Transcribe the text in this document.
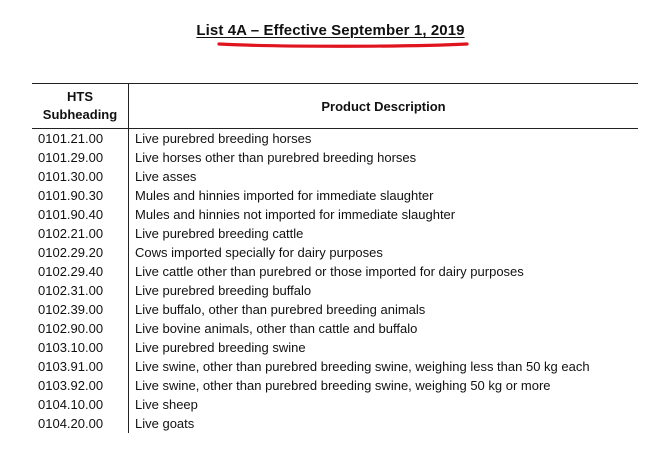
List 4A – Effective September 1, 2019
HTS
Subheading	Product Description
0101.21.00	Live purebred breeding horses
0101.29.00	Live horses other than purebred breeding horses
0101.30.00	Live asses
0101.90.30	Mules and hinnies imported for immediate slaughter
0101.90.40	Mules and hinnies not imported for immediate slaughter
0102.21.00	Live purebred breeding cattle
0102.29.20	Cows imported specially for dairy purposes
0102.29.40	Live cattle other than purebred or those imported for dairy purposes
0102.31.00	Live purebred breeding buffalo
0102.39.00	Live buffalo, other than purebred breeding animals
0102.90.00	Live bovine animals, other than cattle and buffalo
0103.10.00	Live purebred breeding swine
0103.91.00	Live swine, other than purebred breeding swine, weighing less than 50 kg each
0103.92.00	Live swine, other than purebred breeding swine, weighing 50 kg or more
0104.10.00	Live sheep
0104.20.00	Live goats
